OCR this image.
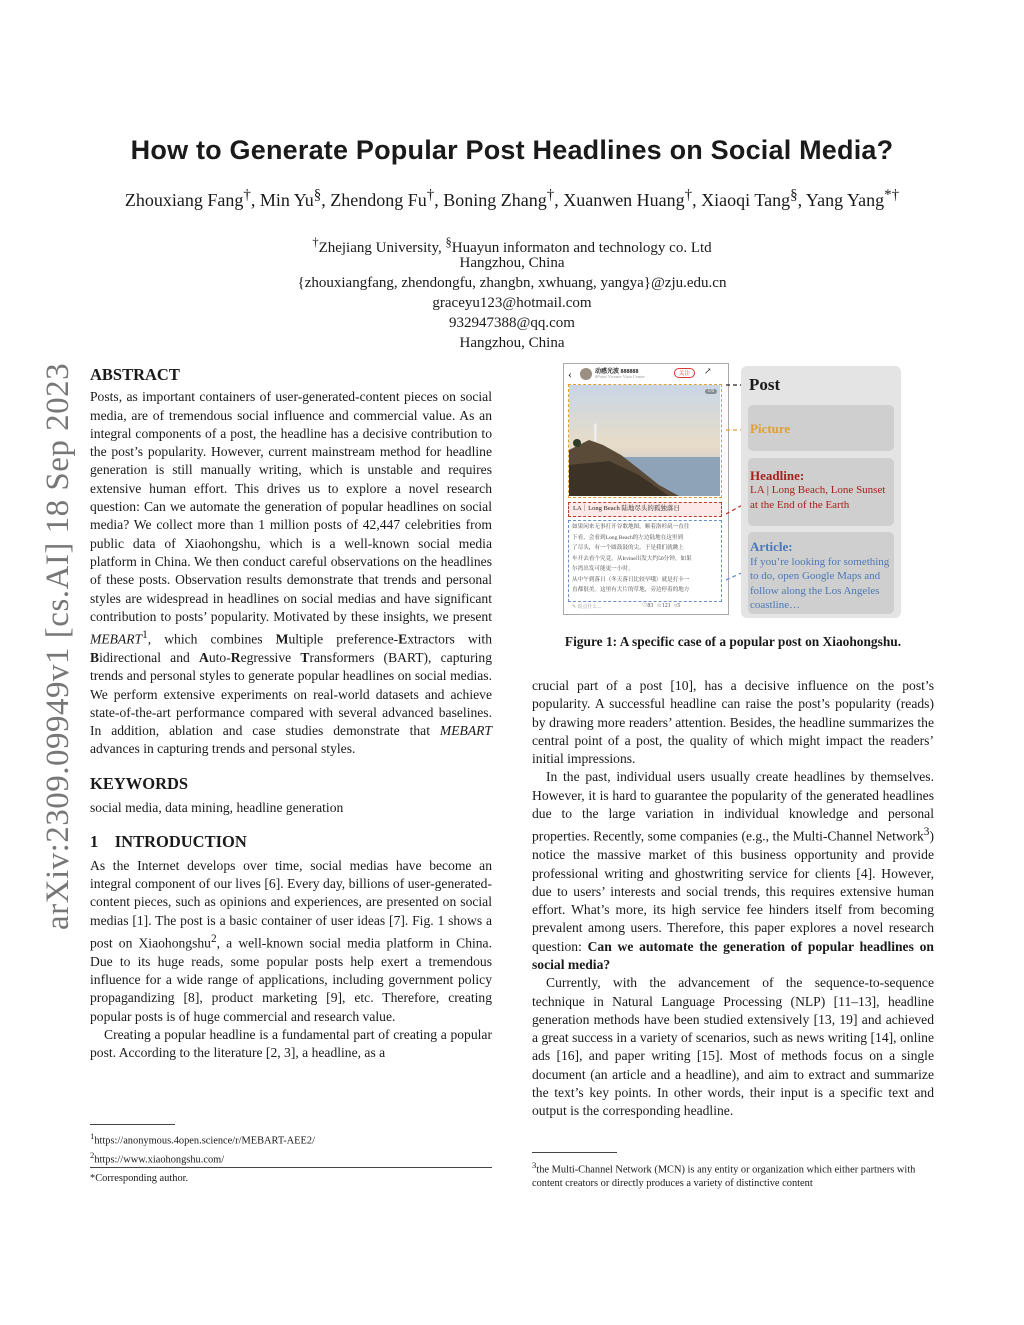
arXiv:2309.09949v1 [cs.AI] 18 Sep 2023
How to Generate Popular Post Headlines on Social Media?
Zhouxiang Fang†, Min Yu§, Zhendong Fu†, Boning Zhang†, Xuanwen Huang†, Xiaoqi Tang§, Yang Yang*†
†Zhejiang University, §Huayun informaton and technology co. Ltd
Hangzhou, China
{zhouxiangfang, zhendongfu, zhangbn, xwhuang, yangya}@zju.edu.cn
graceyu123@hotmail.com
932947388@qq.com
Hangzhou, China
ABSTRACT

Posts, as important containers of user-generated-content pieces on social media, are of tremendous social influence and commercial value. As an integral components of a post, the headline has a decisive contribution to the post’s popularity. However, current mainstream method for headline generation is still manually writing, which is unstable and requires extensive human effort. This drives us to explore a novel research question: Can we automate the generation of popular headlines on social media? We collect more than 1 million posts of 42,447 celebrities from public data of Xiaohongshu, which is a well-known social media platform in China. We then conduct careful observations on the headlines of these posts. Observation results demonstrate that trends and personal styles are widespread in headlines on social medias and have significant contribution to posts’ popularity. Motivated by these insights, we present MEBART$^1$, which combines Multiple preference-Extractors with Bidirectional and Auto-Regressive Transformers (BART), capturing trends and personal styles to generate popular headlines on social medias. We perform extensive experiments on real-world datasets and achieve state-of-the-art performance compared with several advanced baselines. In addition, ablation and case studies demonstrate that MEBART advances in capturing trends and personal styles.

KEYWORDS

social media, data mining, headline generation

1 INTRODUCTION

As the Internet develops over time, social medias have become an integral component of our lives [6]. Every day, billions of user-generated-content pieces, such as opinions and experiences, are presented on social medias [1]. The post is a basic container of user ideas [7]. Fig. 1 shows a post on Xiaohongshu$^2$, a well-known social media platform in China. Due to its huge reads, some popular posts help exert a tremendous influence for a wide range of applications, including government policy propagandizing [8], product marketing [9], etc. Therefore, creating popular posts is of huge commercial and research value.

Creating a popular headline is a fundamental part of creating a popular post. According to the literature [2, 3], a headline, as a

$^1$https://anonymous.4open.science/r/MEBART-AEE2/
$^2$https://www.xiaohongshu.com/
*Corresponding author.
‹	动感光波 888888
#Point Vicente Vista Center	关注	↗
1/6
LA｜Long Beach 陆地尽头的孤独落日
如果闲来无事打开谷歌地图，顺着洛杉矶一直往
下看，会看到Long Beach的左边陆地在这里到
了尽头，有一个圆鼓鼓的尖。于是我们就跳上
车开去看个究竟，从Irvine出发大约50分钟，如果
尔湾出发可能更一小时。
从中午到落日（冬天落日比较早哦）就是打卡一
直都很美。这里有大片的草地，旁边停着的地方
✎ 说点什么...	♡83 ☆121 ○5
Post
Picture
Headline:
LA | Long Beach, Lone Sunset at the End of the Earth
Article:
If you’re looking for something to do, open Google Maps and follow along the Los Angeles coastline…
Figure 1: A specific case of a popular post on Xiaohongshu.

crucial part of a post [10], has a decisive influence on the post’s popularity. A successful headline can raise the post’s popularity (reads) by drawing more readers’ attention. Besides, the headline summarizes the central point of a post, the quality of which might impact the readers’ initial impressions.

In the past, individual users usually create headlines by themselves. However, it is hard to guarantee the popularity of the generated headlines due to the large variation in individual knowledge and personal properties. Recently, some companies (e.g., the Multi-Channel Network$^3$) notice the massive market of this business opportunity and provide professional writing and ghostwriting service for clients [4]. However, due to users’ interests and social trends, this requires extensive human effort. What’s more, its high service fee hinders itself from becoming prevalent among users. Therefore, this paper explores a novel research question: Can we automate the generation of popular headlines on social media?

Currently, with the advancement of the sequence-to-sequence technique in Natural Language Processing (NLP) [11–13], headline generation methods have been studied extensively [13, 19] and achieved a great success in a variety of scenarios, such as news writing [14], online ads [16], and paper writing [15]. Most of methods focus on a single document (an article and a headline), and aim to extract and summarize the text’s key points. In other words, their input is a specific text and output is the corresponding headline.

$^3$the Multi-Channel Network (MCN) is any entity or organization which either partners with content creators or directly produces a variety of distinctive content
